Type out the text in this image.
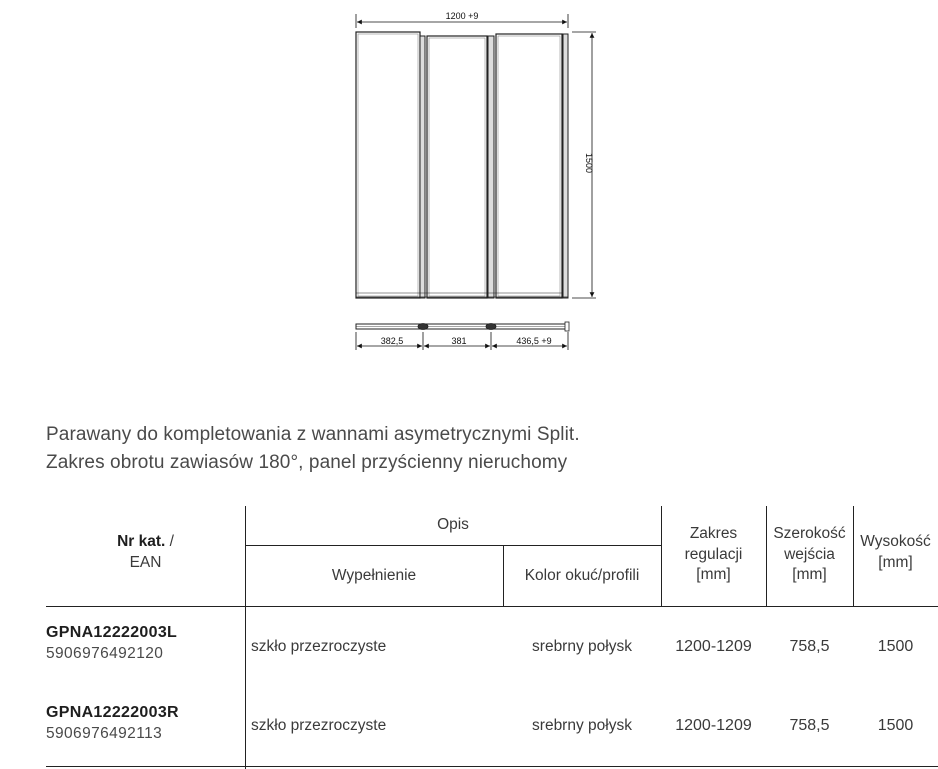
1200 +9
1500
382,5	381	436,5 +9
Parawany do kompletowania z wannami asymetrycznymi Split.
Zakres obrotu zawiasów 180°, panel przyścienny nieruchomy
Nr kat. /
EAN
Opis
Wypełnienie	Kolor okuć/profili
Zakres
regulacji
[mm]
Szerokość
wejścia
[mm]
Wysokość
[mm]
GPNA12222003L
5906976492120	szkło przezroczyste	srebrny połysk	1200-1209	758,5	1500
GPNA12222003R
5906976492113	szkło przezroczyste	srebrny połysk	1200-1209	758,5	1500
